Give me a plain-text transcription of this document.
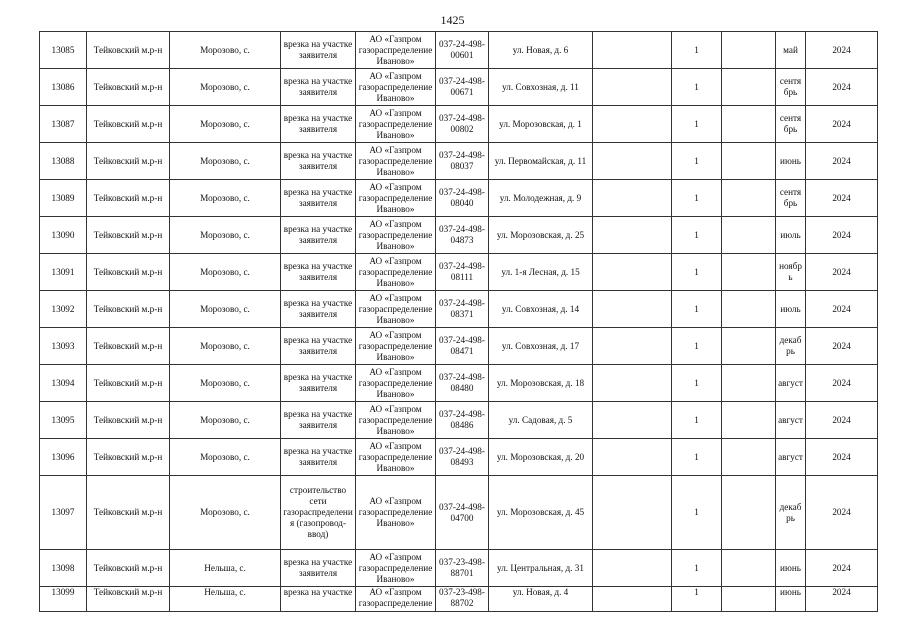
1425
13085	Тейковский м.р-н	Морозово, с.	врезка на участке заявителя	АО «Газпром газораспределение Иваново»	037-24-498-00601	ул. Новая, д. 6		1		май	2024
13086	Тейковский м.р-н	Морозово, с.	врезка на участке заявителя	АО «Газпром газораспределение Иваново»	037-24-498-00671	ул. Совхозная, д. 11		1		сентябрь	2024
13087	Тейковский м.р-н	Морозово, с.	врезка на участке заявителя	АО «Газпром газораспределение Иваново»	037-24-498-00802	ул. Морозовская, д. 1		1		сентябрь	2024
13088	Тейковский м.р-н	Морозово, с.	врезка на участке заявителя	АО «Газпром газораспределение Иваново»	037-24-498-08037	ул. Первомайская, д. 11		1		июнь	2024
13089	Тейковский м.р-н	Морозово, с.	врезка на участке заявителя	АО «Газпром газораспределение Иваново»	037-24-498-08040	ул. Молодежная, д. 9		1		сентябрь	2024
13090	Тейковский м.р-н	Морозово, с.	врезка на участке заявителя	АО «Газпром газораспределение Иваново»	037-24-498-04873	ул. Морозовская, д. 25		1		июль	2024
13091	Тейковский м.р-н	Морозово, с.	врезка на участке заявителя	АО «Газпром газораспределение Иваново»	037-24-498-08111	ул. 1-я Лесная, д. 15		1		ноябрь	2024
13092	Тейковский м.р-н	Морозово, с.	врезка на участке заявителя	АО «Газпром газораспределение Иваново»	037-24-498-08371	ул. Совхозная, д. 14		1		июль	2024
13093	Тейковский м.р-н	Морозово, с.	врезка на участке заявителя	АО «Газпром газораспределение Иваново»	037-24-498-08471	ул. Совхозная, д. 17		1		декабрь	2024
13094	Тейковский м.р-н	Морозово, с.	врезка на участке заявителя	АО «Газпром газораспределение Иваново»	037-24-498-08480	ул. Морозовская, д. 18		1		август	2024
13095	Тейковский м.р-н	Морозово, с.	врезка на участке заявителя	АО «Газпром газораспределение Иваново»	037-24-498-08486	ул. Садовая, д. 5		1		август	2024
13096	Тейковский м.р-н	Морозово, с.	врезка на участке заявителя	АО «Газпром газораспределение Иваново»	037-24-498-08493	ул. Морозовская, д. 20		1		август	2024
13097	Тейковский м.р-н	Морозово, с.	строительство сети газораспределения (газопровод-ввод)	АО «Газпром газораспределение Иваново»	037-24-498-04700	ул. Морозовская, д. 45		1		декабрь	2024
13098	Тейковский м.р-н	Нельша, с.	врезка на участке заявителя	АО «Газпром газораспределение Иваново»	037-23-498-88701	ул. Центральная, д. 31		1		июнь	2024
13099	Тейковский м.р-н	Нельша, с.	врезка на участке	АО «Газпром газораспределение	037-23-498-88702	ул. Новая, д. 4		1		июнь	2024
